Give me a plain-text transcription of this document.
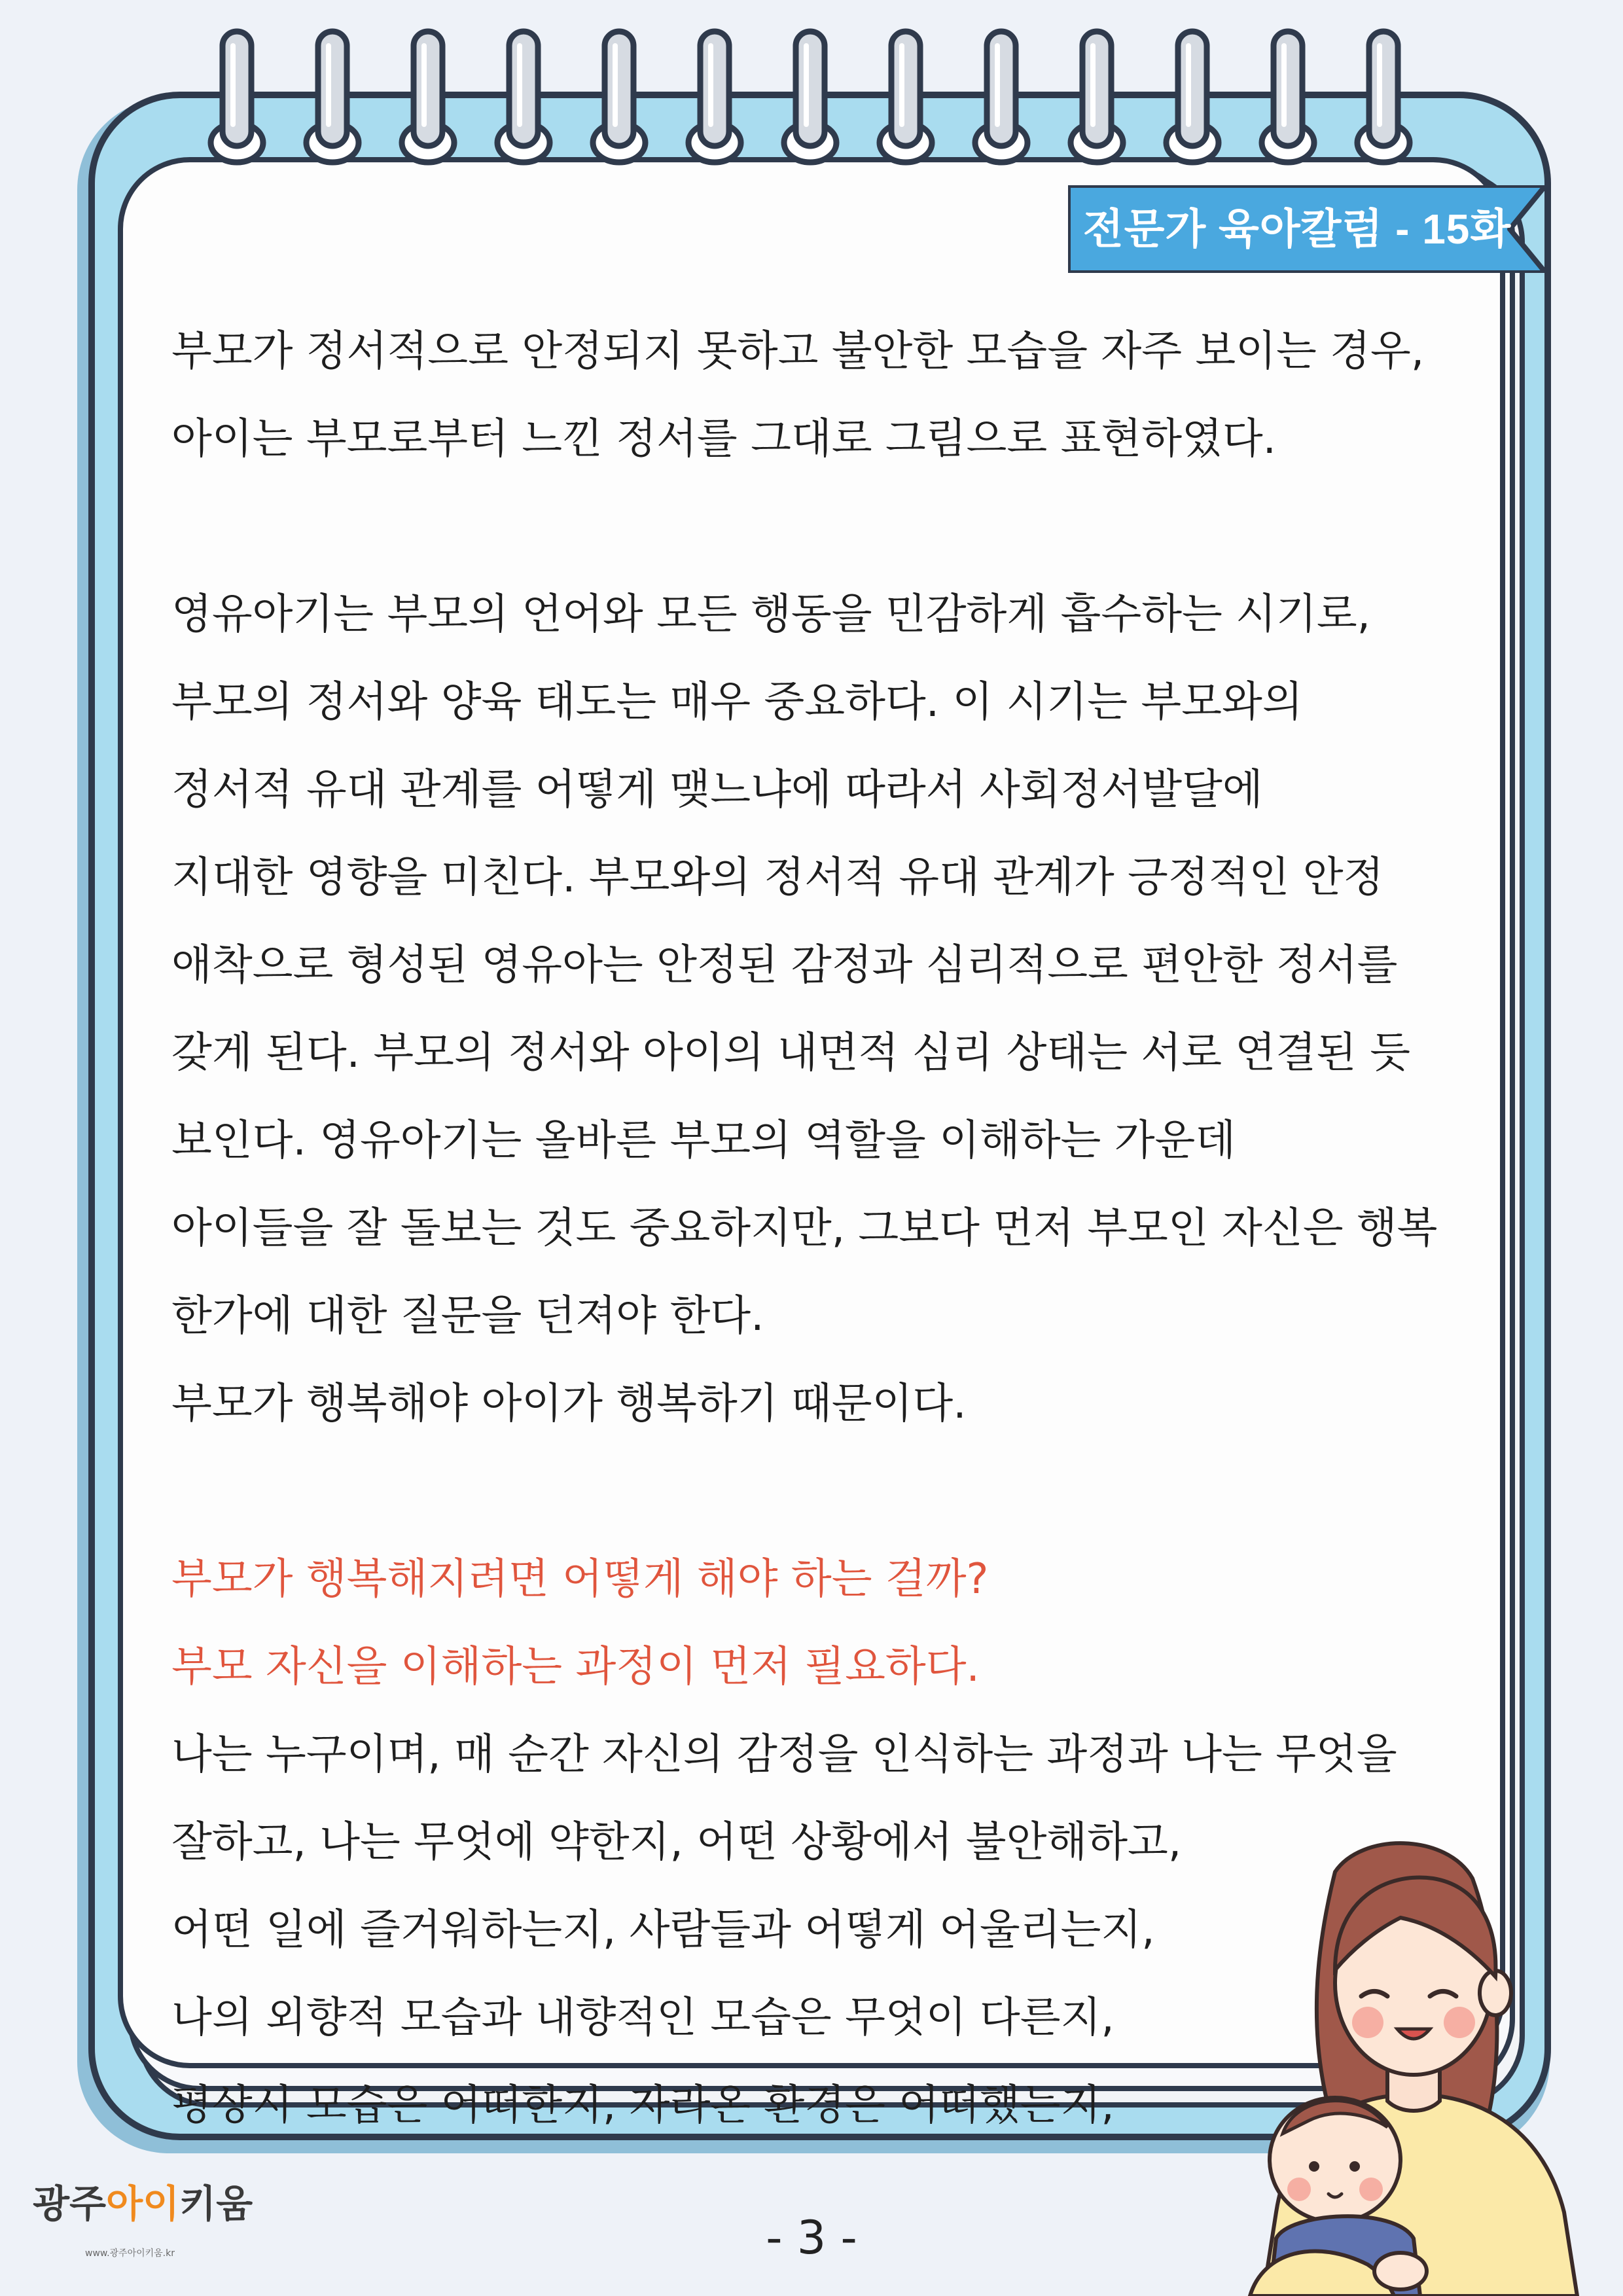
전문가 육아칼럼 - 15화
부모가 정서적으로 안정되지 못하고 불안한 모습을 자주 보이는 경우,
아이는 부모로부터 느낀 정서를 그대로 그림으로 표현하였다.
영유아기는 부모의 언어와 모든 행동을 민감하게 흡수하는 시기로,
부모의 정서와 양육 태도는 매우 중요하다. 이 시기는 부모와의
정서적 유대 관계를 어떻게 맺느냐에 따라서 사회정서발달에
지대한 영향을 미친다. 부모와의 정서적 유대 관계가 긍정적인 안정
애착으로 형성된 영유아는 안정된 감정과 심리적으로 편안한 정서를
갖게 된다. 부모의 정서와 아이의 내면적 심리 상태는 서로 연결된 듯
보인다. 영유아기는 올바른 부모의 역할을 이해하는 가운데
아이들을 잘 돌보는 것도 중요하지만, 그보다 먼저 부모인 자신은 행복
한가에 대한 질문을 던져야 한다.
부모가 행복해야 아이가 행복하기 때문이다.
부모가 행복해지려면 어떻게 해야 하는 걸까?
부모 자신을 이해하는 과정이 먼저 필요하다.
나는 누구이며, 매 순간 자신의 감정을 인식하는 과정과 나는 무엇을
잘하고, 나는 무엇에 약한지, 어떤 상황에서 불안해하고,
어떤 일에 즐거워하는지, 사람들과 어떻게 어울리는지,
나의 외향적 모습과 내향적인 모습은 무엇이 다른지,
평상시 모습은 어떠한지, 자라온 환경은 어떠했는지,
광주아이키움
www.광주아이키움.kr	- 3 -
